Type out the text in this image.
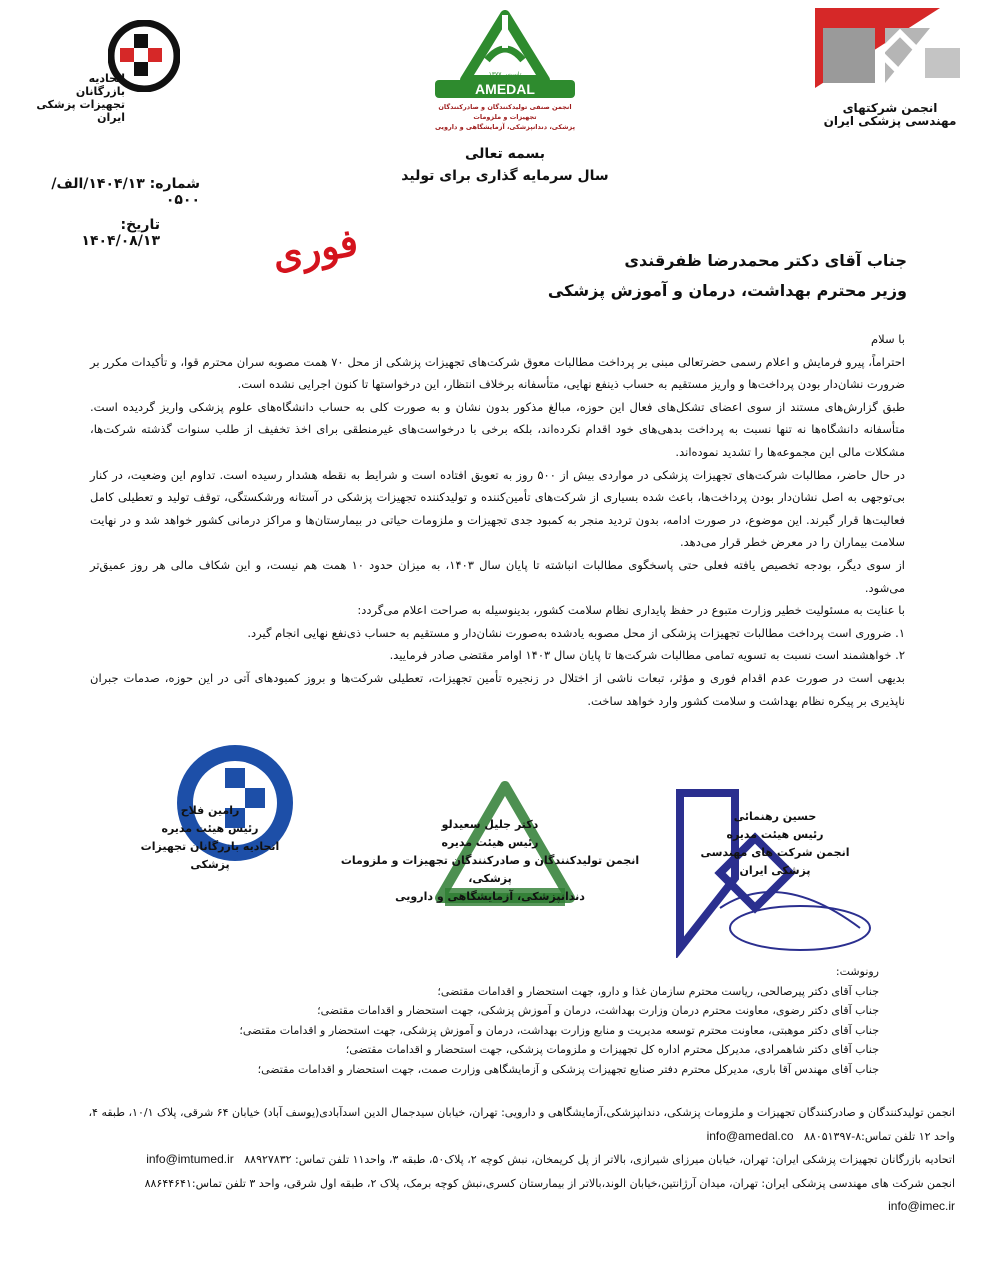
انجمن شرکتهای
مهندسی پزشکی ایران
AMEDAL
تاسیس ۱۳۷۷
انجمن صنفی تولیدکنندگان و صادرکنندگان تجهیزات و ملزومات
پزشکی، دندانپزشکی، آزمایشگاهی و دارویی
اتحادیه
بازرگانان
تجهیزات پزشکی ایران
بسمه تعالی
سال سرمایه گذاری برای تولید
شماره: ۱۴۰۴/۱۳/الف/۰۵۰۰
تاریخ: ۱۴۰۴/۰۸/۱۳	فوری	جناب آقای دکتر محمدرضا ظفرقندی
وزیر محترم بهداشت، درمان و آموزش پزشکی

با سلام

احتراماً، پیرو فرمایش و اعلام رسمی حضرتعالی مبنی بر پرداخت مطالبات معوق شرکت‌های تجهیزات پزشکی از محل ۷۰ همت مصوبه سران محترم قوا، و تأکیدات مکرر بر ضرورت نشان‌دار بودن پرداخت‌ها و واریز مستقیم به حساب ذینفع نهایی، متأسفانه برخلاف انتظار، این درخواستها تا کنون اجرایی نشده است.

طبق گزارش‌های مستند از سوی اعضای تشکل‌های فعال این حوزه، مبالغ مذکور بدون نشان و به صورت کلی به حساب دانشگاه‌های علوم پزشکی واریز گردیده است. متأسفانه دانشگاه‌ها نه تنها نسبت به پرداخت بدهی‌های خود اقدام نکرده‌اند، بلکه برخی با درخواست‌های غیرمنطقی برای اخذ تخفیف از طلب سنوات گذشته شرکت‌ها، مشکلات مالی این مجموعه‌ها را تشدید نموده‌اند.

در حال حاضر، مطالبات شرکت‌های تجهیزات پزشکی در مواردی بیش از ۵۰۰ روز به تعویق افتاده است و شرایط به نقطه هشدار رسیده است. تداوم این وضعیت، در کنار بی‌توجهی به اصل نشان‌دار بودن پرداخت‌ها، باعث شده بسیاری از شرکت‌های تأمین‌کننده و تولیدکننده تجهیزات پزشکی در آستانه ورشکستگی، توقف تولید و تعطیلی کامل فعالیت‌ها قرار گیرند. این موضوع، در صورت ادامه، بدون تردید منجر به کمبود جدی تجهیزات و ملزومات حیاتی در بیمارستان‌ها و مراکز درمانی کشور خواهد شد و در نهایت سلامت بیماران را در معرض خطر قرار می‌دهد.

از سوی دیگر، بودجه تخصیص یافته فعلی حتی پاسخگوی مطالبات انباشته تا پایان سال ۱۴۰۳، به میزان حدود ۱۰ همت هم نیست، و این شکاف مالی هر روز عمیق‌تر می‌شود.

با عنایت به مسئولیت خطیر وزارت متبوع در حفظ پایداری نظام سلامت کشور، بدینوسیله به صراحت اعلام می‌گردد:

۱. ضروری است پرداخت مطالبات تجهیزات پزشکی از محل مصوبه یادشده به‌صورت نشان‌دار و مستقیم به حساب ذی‌نفع نهایی انجام گیرد.

۲. خواهشمند است نسبت به تسویه تمامی مطالبات شرکت‌ها تا پایان سال ۱۴۰۳ اوامر مقتضی صادر فرمایید.

بدیهی است در صورت عدم اقدام فوری و مؤثر، تبعات ناشی از اختلال در زنجیره تأمین تجهیزات، تعطیلی شرکت‌ها و بروز کمبودهای آتی در این حوزه، صدمات جبران ناپذیری بر پیکره نظام بهداشت و سلامت کشور وارد خواهد ساخت.

رامین فلاح
رئیس هیئت مدیره
اتحادیه بازرگانان تجهیزات
پزشکی
دکتر جلیل سعیدلو
رئیس هیئت مدیره
انجمن تولیدکنندگان و صادرکنندگان تجهیزات و ملزومات پزشکی،
دندانپزشکی، آزمایشگاهی و دارویی
حسین رهنمائی
رئیس هیئت مدیره
انجمن شرکت های مهندسی
پزشکی ایران
رونوشت:
جناب آقای دکتر پیرصالحی، ریاست محترم سازمان غذا و دارو، جهت استحضار و اقدامات مقتضی؛
جناب آقای دکتر رضوی، معاونت محترم درمان وزارت بهداشت، درمان و آموزش پزشکی، جهت استحضار و اقدامات مقتضی؛
جناب آقای دکتر موهبتی، معاونت محترم توسعه مدیریت و منابع وزارت بهداشت، درمان و آموزش پزشکی، جهت استحضار و اقدامات مقتضی؛
جناب آقای دکتر شاهمرادی، مدیرکل محترم اداره کل تجهیزات و ملزومات پزشکی، جهت استحضار و اقدامات مقتضی؛
جناب آقای مهندس آقا باری، مدیرکل محترم دفتر صنایع تجهیزات پزشکی و آزمایشگاهی وزارت صمت، جهت استحضار و اقدامات مقتضی؛
انجمن تولیدکنندگان و صادرکنندگان تجهیزات و ملزومات پزشکی، دندانپزشکی،آزمایشگاهی و دارویی: تهران، خیابان سیدجمال الدین اسدآبادی(یوسف آباد) خیابان ۶۴ شرقی، پلاک ۱۰/۱، طبقه ۴،
واحد ۱۲ تلفن تماس:۸-۸۸۰۵۱۳۹۷   info@amedal.co
اتحادیه بازرگانان تجهیزات پزشکی ایران: تهران، خیابان میرزای شیرازی، بالاتر از پل کریمخان، نبش کوچه ۲، پلاک۵۰، طبقه ۳، واحد۱۱ تلفن تماس: ۸۸۹۲۷۸۳۲   info@imtumed.ir
انجمن شرکت های مهندسی پزشکی ایران: تهران، میدان آرژانتین،خیابان الوند،بالاتر از بیمارستان کسری،نبش کوچه برمک، پلاک ۲، طبقه اول شرقی، واحد ۳ تلفن تماس:۸۸۶۴۴۶۴۱
info@imec.ir
